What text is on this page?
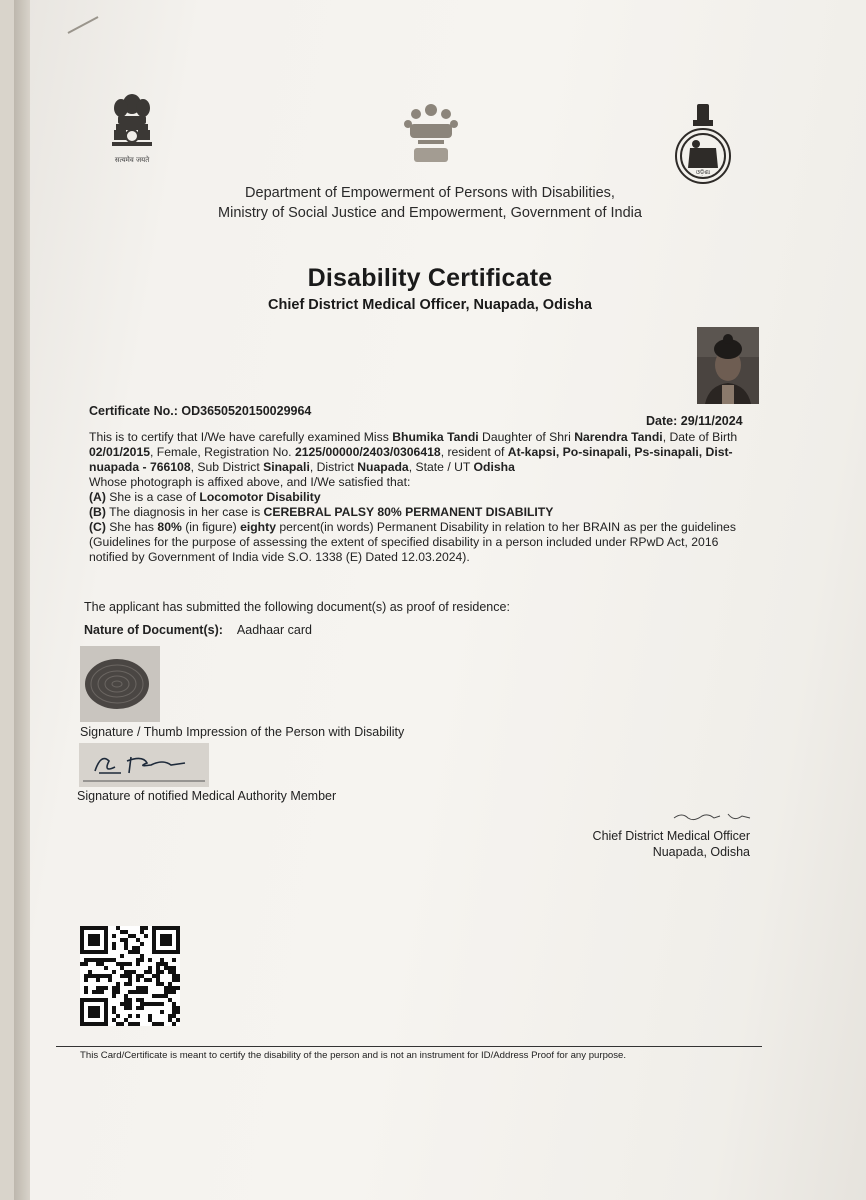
सत्यमेव जयते
ଓଡ଼ିଶା
Department of Empowerment of Persons with Disabilities,
Ministry of Social Justice and Empowerment, Government of India
Disability Certificate
Chief District Medical Officer, Nuapada, Odisha
Certificate No.: OD3650520150029964
Date: 29/11/2024
This is to certify that I/We have carefully examined Miss Bhumika Tandi Daughter of Shri Narendra Tandi, Date of Birth 02/01/2015, Female, Registration No. 2125/00000/2403/0306418, resident of At-kapsi, Po-sinapali, Ps-sinapali, Dist-nuapada - 766108, Sub District Sinapali, District Nuapada, State / UT Odisha
Whose photograph is affixed above, and I/We satisfied that:
(A) She is a case of Locomotor Disability
(B) The diagnosis in her case is CEREBRAL PALSY 80% PERMANENT DISABILITY
(C) She has 80% (in figure) eighty percent(in words) Permanent Disability in relation to her BRAIN as per the guidelines (Guidelines for the purpose of assessing the extent of specified disability in a person included under RPwD Act, 2016 notified by Government of India vide S.O. 1338 (E) Dated 12.03.2024).
The applicant has submitted the following document(s) as proof of residence:
Nature of Document(s): Aadhaar card
Signature / Thumb Impression of the Person with Disability
Signature of notified Medical Authority Member
Chief District Medical Officer
Nuapada, Odisha
This Card/Certificate is meant to certify the disability of the person and is not an instrument for ID/Address Proof for any purpose.
